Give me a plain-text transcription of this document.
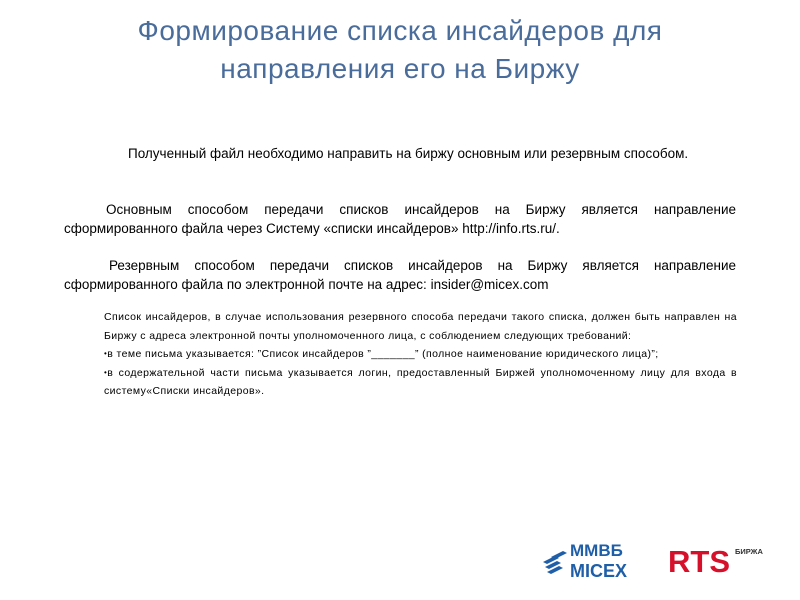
Формирование списка инсайдеров для
направления его на Биржу
Полученный файл необходимо направить на биржу основным или резервным способом.
Основным способом передачи списков инсайдеров на Биржу является направление сформированного файла через Систему «списки инсайдеров» http://info.rts.ru/.
Резервным способом передачи списков инсайдеров на Биржу является направление сформированного файла по электронной почте на адрес: insider@micex.com

Список инсайдеров, в случае использования резервного способа передачи такого списка, должен быть направлен на Биржу с адреса электронной почты уполномоченного лица, с соблюдением следующих требований:

•в теме письма указывается: ”Список инсайдеров ”_______” (полное наименование юридического лица)”;
•в содержательной части письма указывается логин, предоставленный Биржей уполномоченному лицу для входа в систему«Списки инсайдеров».
ММВБ
MICEX RTS БИРЖА
